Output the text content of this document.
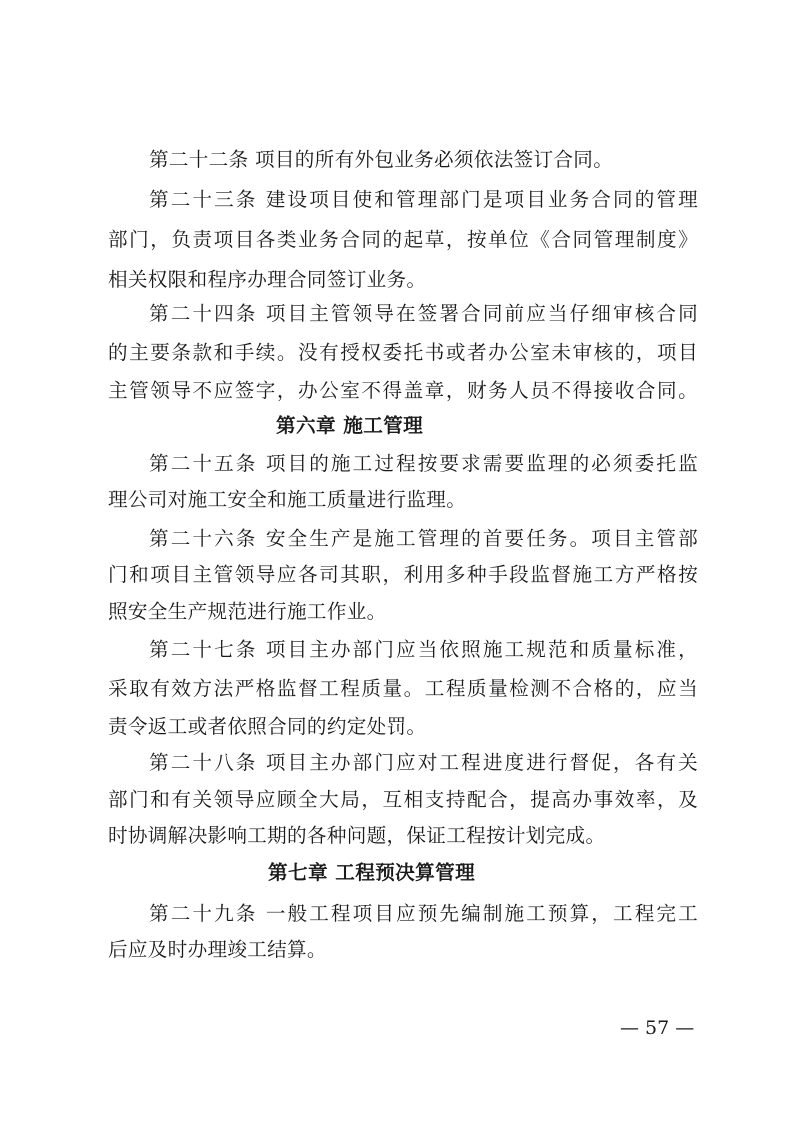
第二十二条 项目的所有外包业务必须依法签订合同。
第二十三条 建设项目使和管理部门是项目业务合同的管理
部门，负责项目各类业务合同的起草，按单位《合同管理制度》
相关权限和程序办理合同签订业务。
第二十四条 项目主管领导在签署合同前应当仔细审核合同
的主要条款和手续。没有授权委托书或者办公室未审核的，项目
主管领导不应签字，办公室不得盖章，财务人员不得接收合同。
第六章 施工管理
第二十五条 项目的施工过程按要求需要监理的必须委托监
理公司对施工安全和施工质量进行监理。
第二十六条 安全生产是施工管理的首要任务。项目主管部
门和项目主管领导应各司其职，利用多种手段监督施工方严格按
照安全生产规范进行施工作业。
第二十七条 项目主办部门应当依照施工规范和质量标准，
采取有效方法严格监督工程质量。工程质量检测不合格的，应当
责令返工或者依照合同的约定处罚。
第二十八条 项目主办部门应对工程进度进行督促，各有关
部门和有关领导应顾全大局，互相支持配合，提高办事效率，及
时协调解决影响工期的各种问题，保证工程按计划完成。
第七章 工程预决算管理
第二十九条 一般工程项目应预先编制施工预算，工程完工
后应及时办理竣工结算。
— 57 —
